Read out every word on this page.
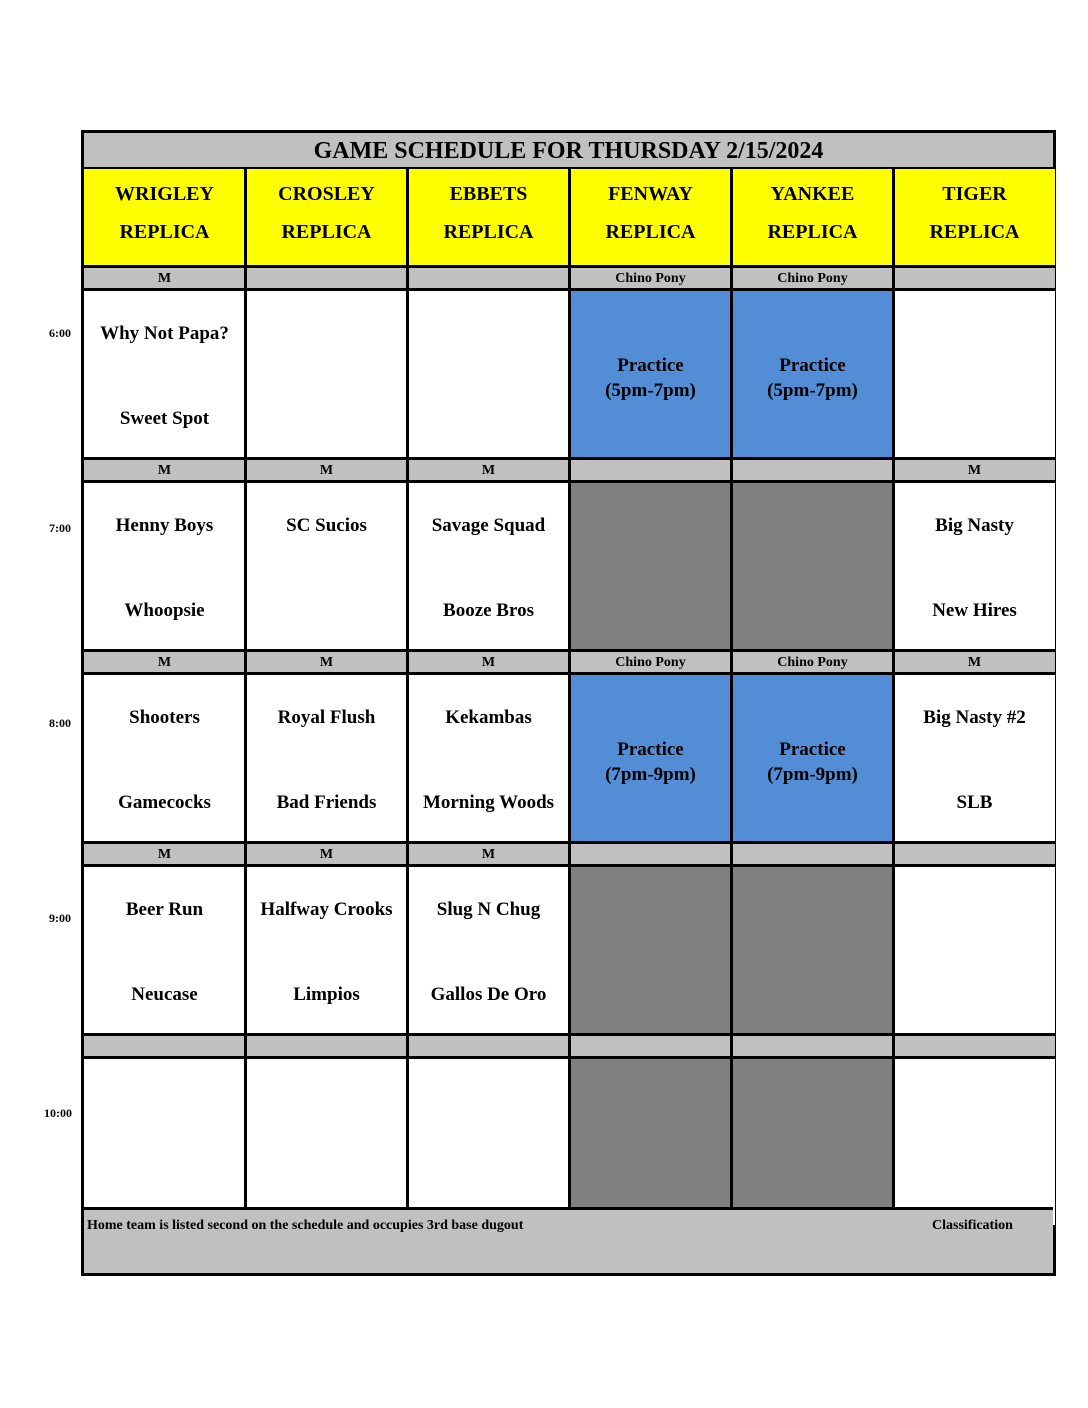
GAME SCHEDULE FOR THURSDAY 2/15/2024
WRIGLEY
REPLICA
M
Why Not Papa?
Sweet Spot
M
Henny Boys
Whoopsie
M
Shooters
Gamecocks
M
Beer Run
Neucase
CROSLEY
REPLICA
M
SC Sucios
M
Royal Flush
Bad Friends
M
Halfway Crooks
Limpios
EBBETS
REPLICA
M
Savage Squad
Booze Bros
M
Kekambas
Morning Woods
M
Slug N Chug
Gallos De Oro
FENWAY
REPLICA
Chino Pony
Practice
(5pm-7pm)
Chino Pony
Practice
(7pm-9pm)
YANKEE
REPLICA
Chino Pony
Practice
(5pm-7pm)
Chino Pony
Practice
(7pm-9pm)
TIGER
REPLICA
M
Big Nasty
New Hires
M
Big Nasty #2
SLB
Home team is listed second on the schedule and occupies 3rd base dugout	Classification
6:00
7:00
8:00
9:00
10:00
